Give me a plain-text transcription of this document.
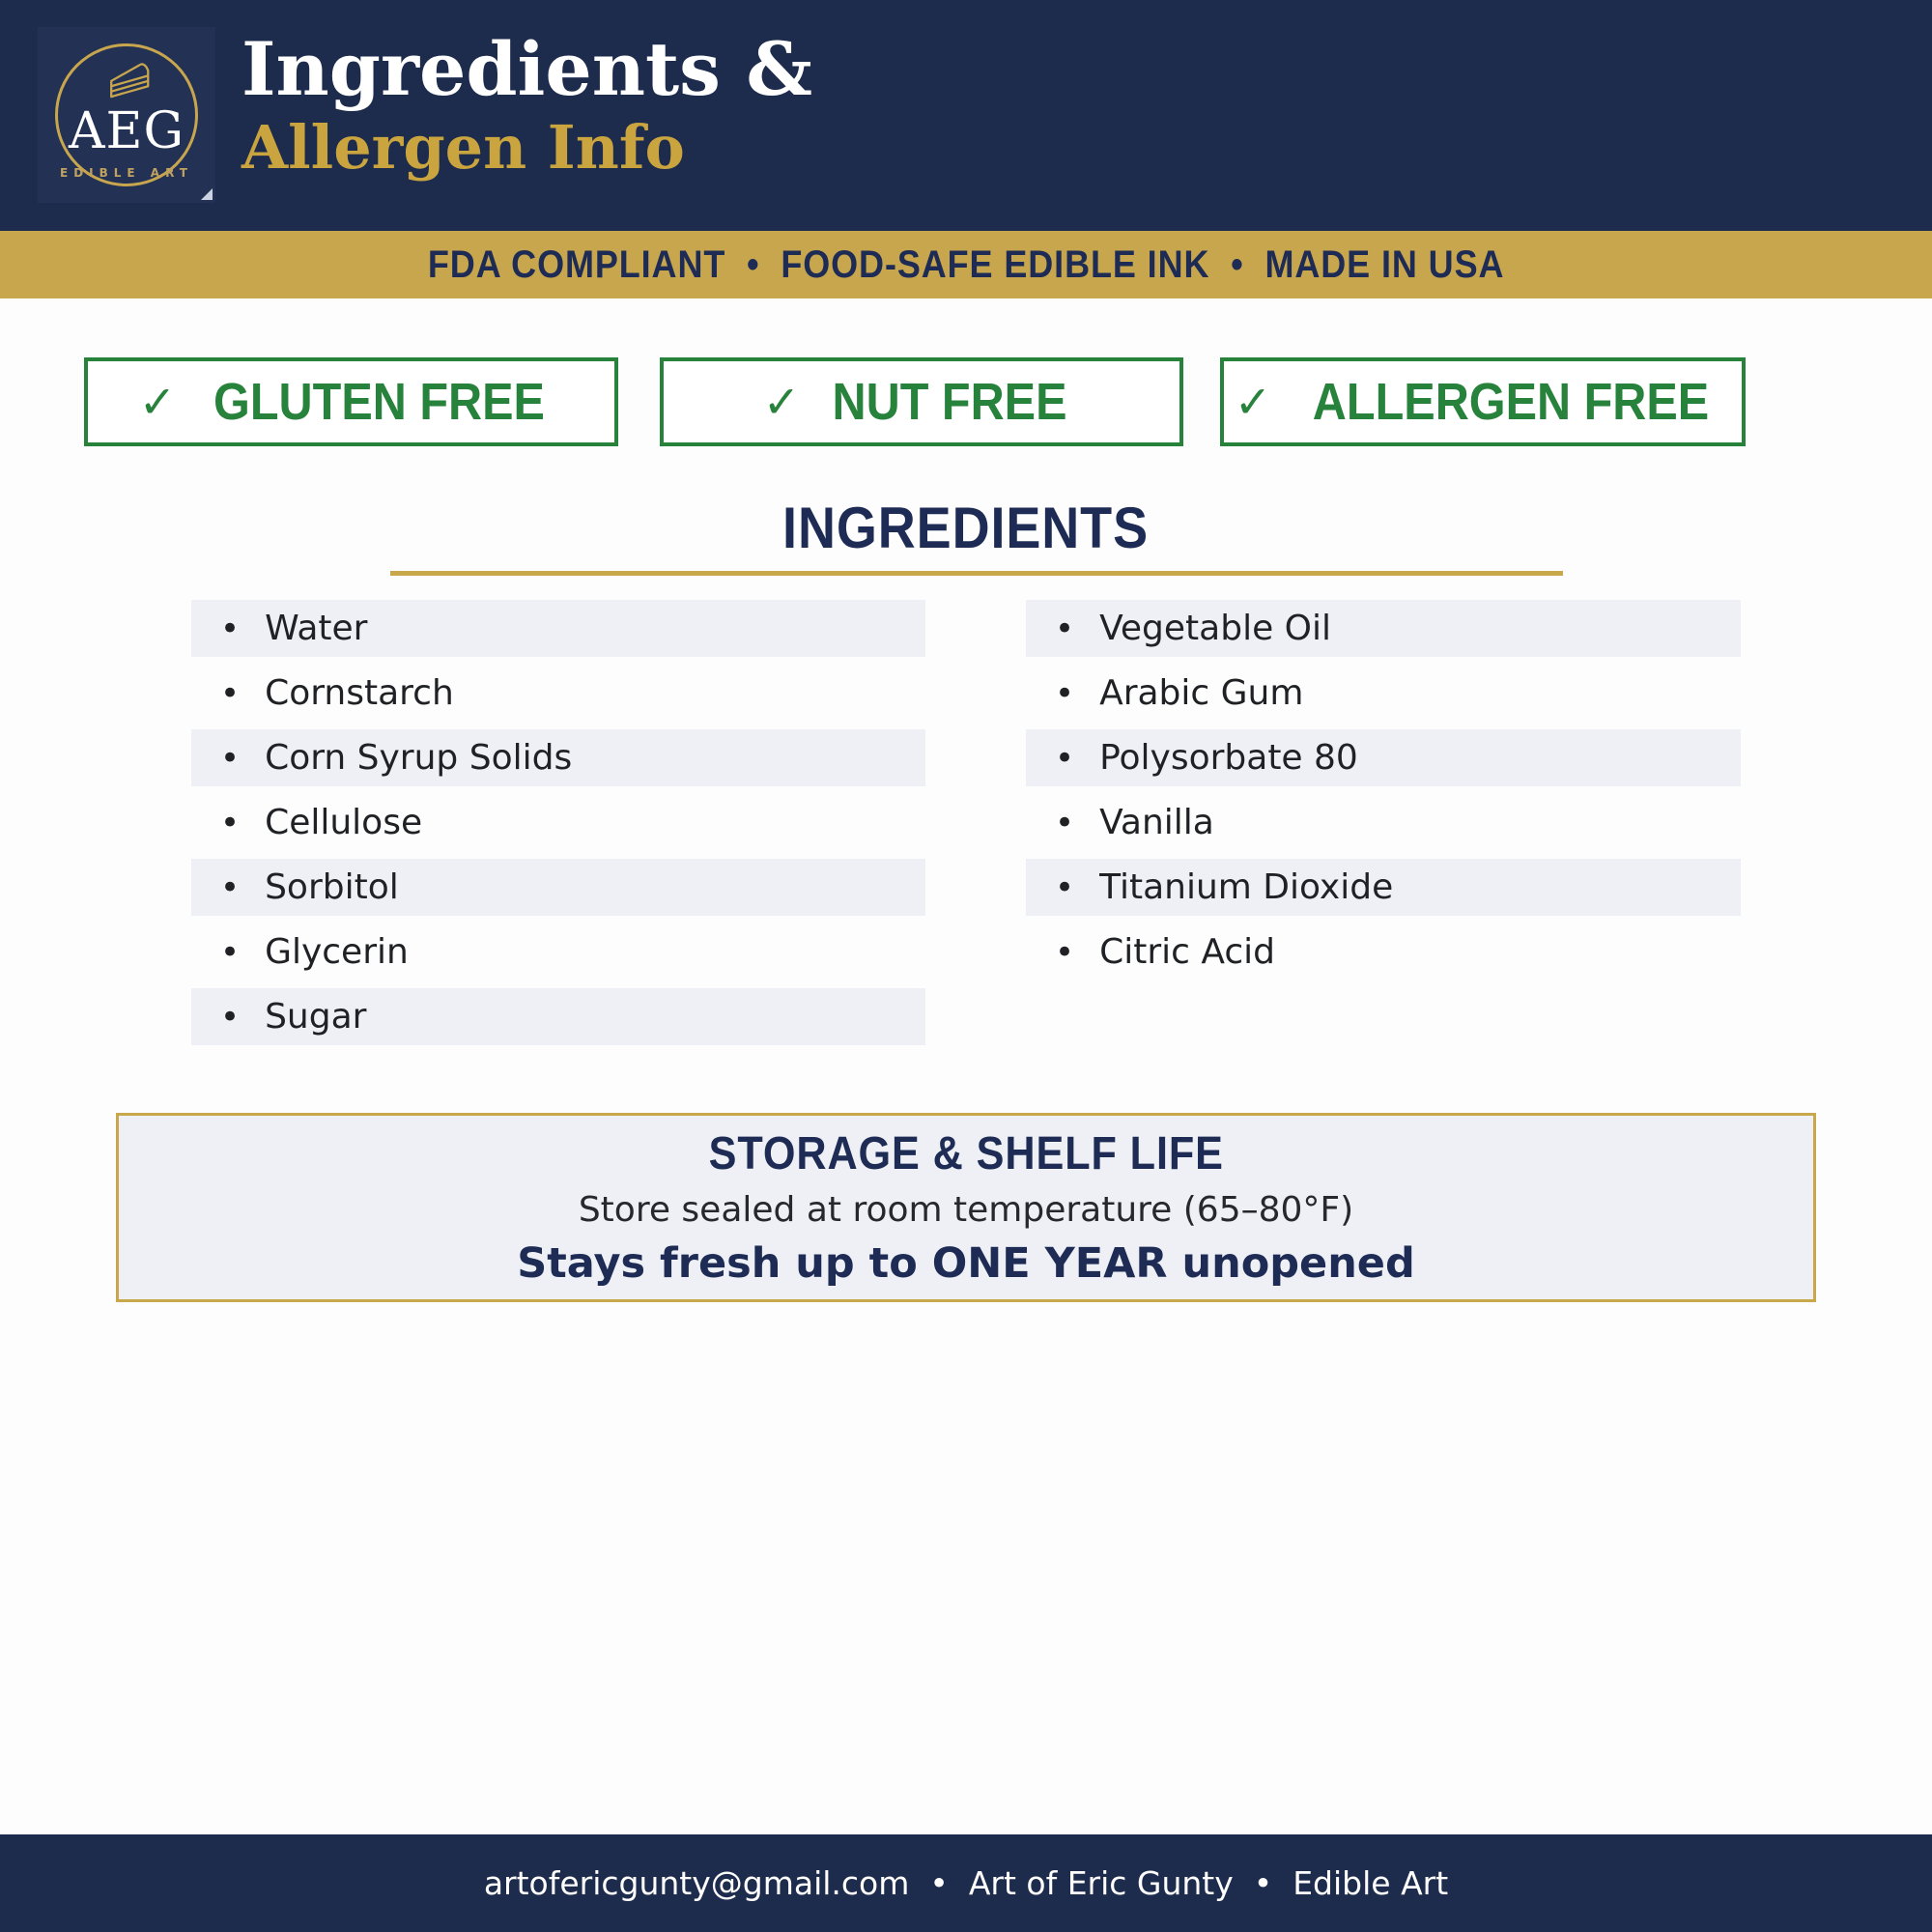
AEG
EDIBLE ART
Ingredients &
Allergen Info
FDA COMPLIANT  •  FOOD-SAFE EDIBLE INK  •  MADE IN USA
✓ GLUTEN FREE	✓ NUT FREE	✓ ALLERGEN FREE
INGREDIENTS
• Water
• Cornstarch
• Corn Syrup Solids
• Cellulose
• Sorbitol
• Glycerin
• Sugar
• Vegetable Oil
• Arabic Gum
• Polysorbate 80
• Vanilla
• Titanium Dioxide
• Citric Acid
STORAGE & SHELF LIFE
Store sealed at room temperature (65–80°F)
Stays fresh up to ONE YEAR unopened
artofericgunty@gmail.com  •  Art of Eric Gunty  •  Edible Art
